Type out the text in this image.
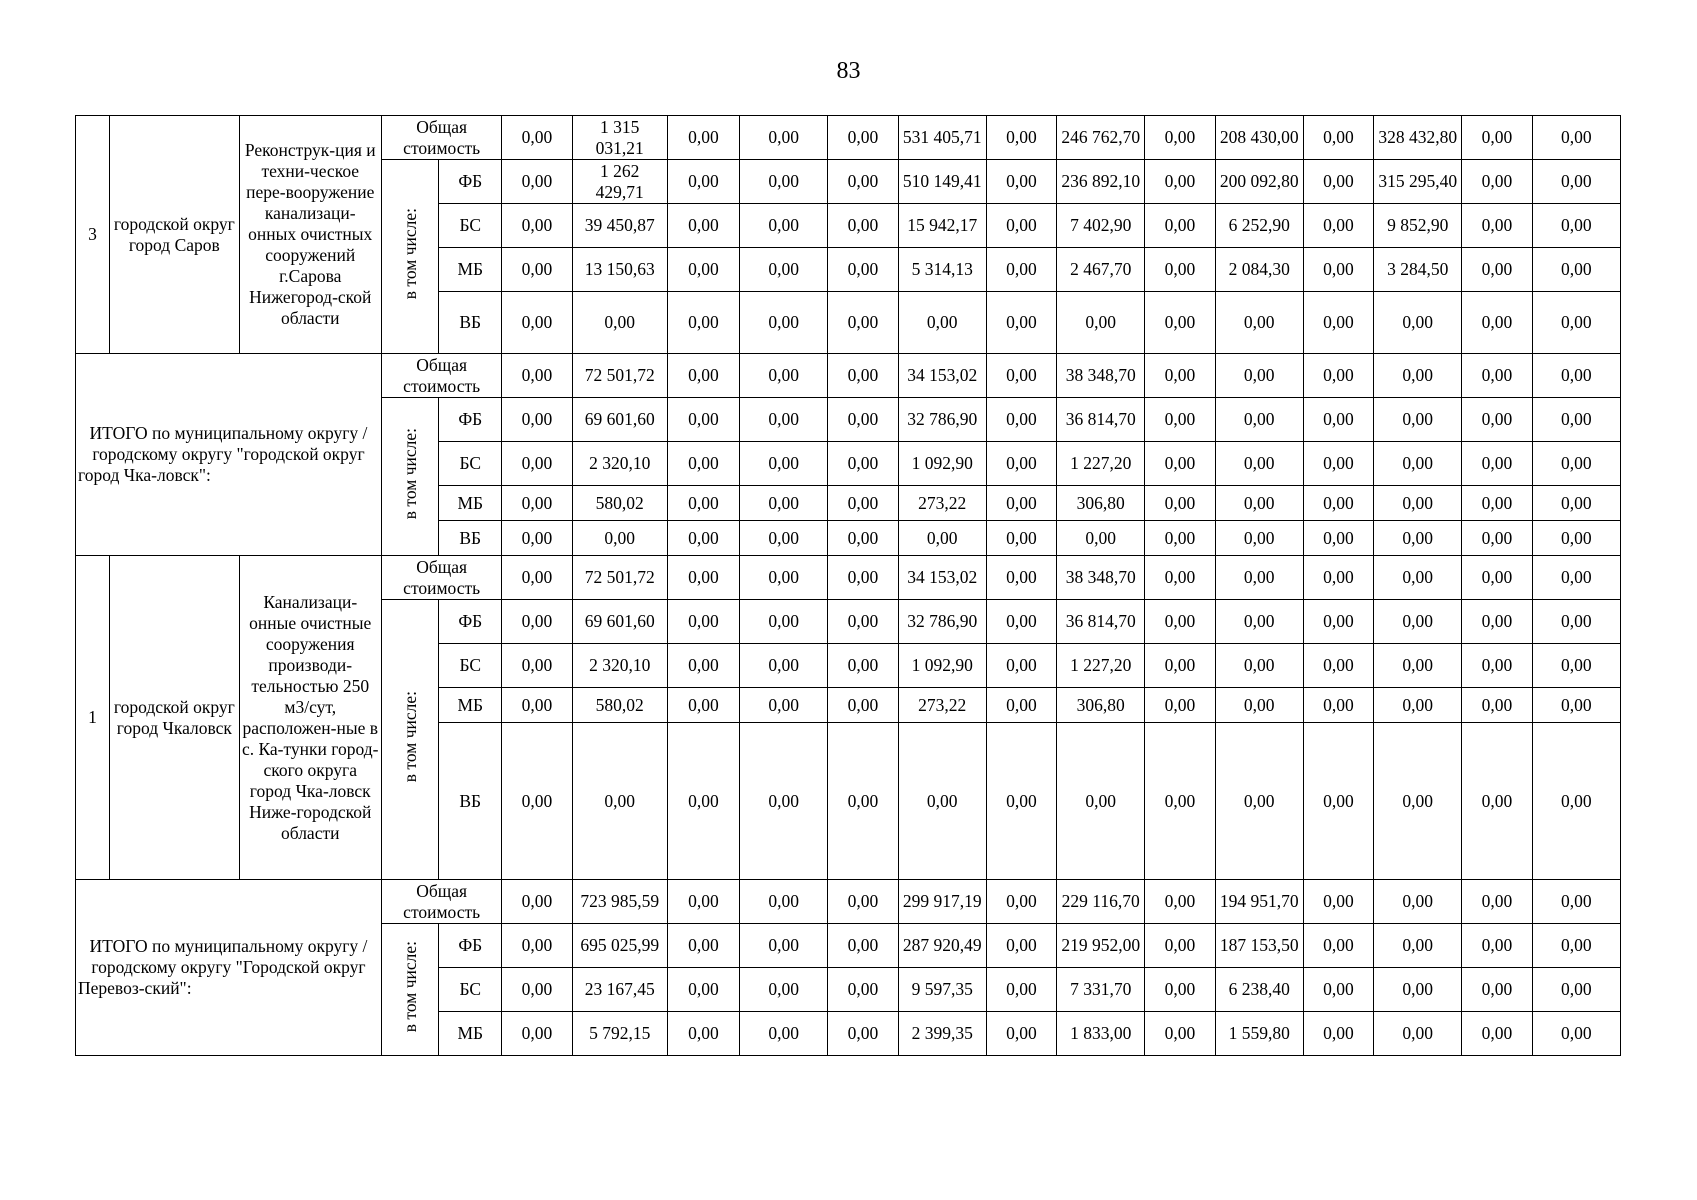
83
3	городской округ город Саров	Реконструк-ция и техни-ческое пере-вооружение канализаци-онных очистных сооружений г.Сарова Нижегород-ской области	Общая стоимость		0,00	1 315 031,21	0,00	0,00	0,00	531 405,71	0,00	246 762,70	0,00	208 430,00	0,00	328 432,80	0,00	0,00
			в том числе:	ФБ	0,00	1 262 429,71	0,00	0,00	0,00	510 149,41	0,00	236 892,10	0,00	200 092,80	0,00	315 295,40	0,00	0,00
				БС	0,00	39 450,87	0,00	0,00	0,00	15 942,17	0,00	7 402,90	0,00	6 252,90	0,00	9 852,90	0,00	0,00
				МБ	0,00	13 150,63	0,00	0,00	0,00	5 314,13	0,00	2 467,70	0,00	2 084,30	0,00	3 284,50	0,00	0,00
				ВБ	0,00	0,00	0,00	0,00	0,00	0,00	0,00	0,00	0,00	0,00	0,00	0,00	0,00	0,00
ИТОГО по муниципальному округу / городскому округу "городской округ город Чка-ловск":			Общая стоимость		0,00	72 501,72	0,00	0,00	0,00	34 153,02	0,00	38 348,70	0,00	0,00	0,00	0,00	0,00	0,00
			в том числе:	ФБ	0,00	69 601,60	0,00	0,00	0,00	32 786,90	0,00	36 814,70	0,00	0,00	0,00	0,00	0,00	0,00
				БС	0,00	2 320,10	0,00	0,00	0,00	1 092,90	0,00	1 227,20	0,00	0,00	0,00	0,00	0,00	0,00
				МБ	0,00	580,02	0,00	0,00	0,00	273,22	0,00	306,80	0,00	0,00	0,00	0,00	0,00	0,00
				ВБ	0,00	0,00	0,00	0,00	0,00	0,00	0,00	0,00	0,00	0,00	0,00	0,00	0,00	0,00
1	городской округ город Чкаловск	Канализаци-онные очистные сооружения производи-тельностью 250 м3/сут, расположен-ные в с. Ка-тунки город-ского округа город Чка-ловск Ниже-городской области	Общая стоимость		0,00	72 501,72	0,00	0,00	0,00	34 153,02	0,00	38 348,70	0,00	0,00	0,00	0,00	0,00	0,00
			в том числе:	ФБ	0,00	69 601,60	0,00	0,00	0,00	32 786,90	0,00	36 814,70	0,00	0,00	0,00	0,00	0,00	0,00
				БС	0,00	2 320,10	0,00	0,00	0,00	1 092,90	0,00	1 227,20	0,00	0,00	0,00	0,00	0,00	0,00
				МБ	0,00	580,02	0,00	0,00	0,00	273,22	0,00	306,80	0,00	0,00	0,00	0,00	0,00	0,00
				ВБ	0,00	0,00	0,00	0,00	0,00	0,00	0,00	0,00	0,00	0,00	0,00	0,00	0,00	0,00
ИТОГО по муниципальному округу / городскому округу "Городской округ Перевоз-ский":			Общая стоимость		0,00	723 985,59	0,00	0,00	0,00	299 917,19	0,00	229 116,70	0,00	194 951,70	0,00	0,00	0,00	0,00
			в том числе:	ФБ	0,00	695 025,99	0,00	0,00	0,00	287 920,49	0,00	219 952,00	0,00	187 153,50	0,00	0,00	0,00	0,00
				БС	0,00	23 167,45	0,00	0,00	0,00	9 597,35	0,00	7 331,70	0,00	6 238,40	0,00	0,00	0,00	0,00
				МБ	0,00	5 792,15	0,00	0,00	0,00	2 399,35	0,00	1 833,00	0,00	1 559,80	0,00	0,00	0,00	0,00
